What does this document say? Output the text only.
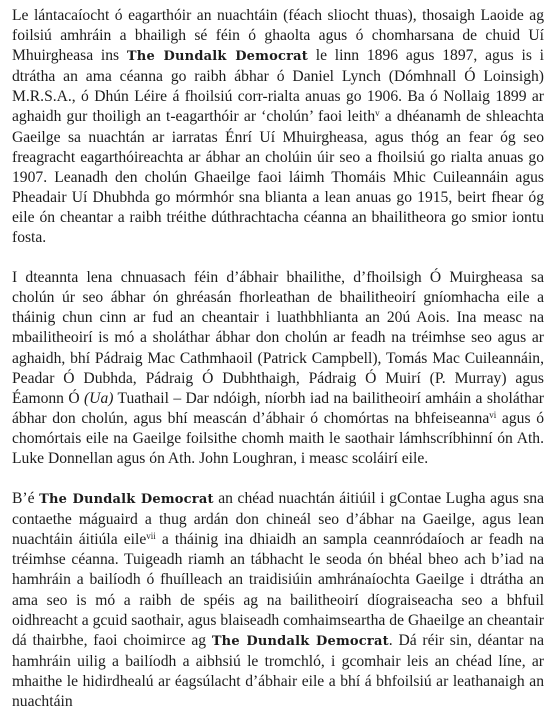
Le lántacaíocht ó eagarthóir an nuachtáin (féach sliocht thuas), thosaigh Laoide ag foilsiú amhráin a bhailigh sé féin ó ghaolta agus ó chomharsana de chuid Uí Mhuirgheasa ins The Dundalk Democrat le linn 1896 agus 1897, agus is i dtrátha an ama céanna go raibh ábhar ó Daniel Lynch (Dómhnall Ó Loinsigh) M.R.S.A., ó Dhún Léire á fhoilsiú corr-rialta anuas go 1906. Ba ó Nollaig 1899 ar aghaidh gur thoiligh an t-eagarthóir ar ‘cholún’ faoi leith$^v$ a dhéanamh de shleachta Gaeilge sa nuachtán ar iarratas Énrí Uí Mhuirgheasa, agus thóg an fear óg seo freagracht eagarthóireachta ar ábhar an cholúin úir seo a fhoilsiú go rialta anuas go 1907. Leanadh den cholún Ghaeilge faoi láimh Thomáis Mhic Cuileannáin agus Pheadair Uí Dhubhda go mórmhór sna blianta a lean anuas go 1915, beirt fhear óg eile ón cheantar a raibh tréithe dúthrachtacha céanna an bhailitheora go smior iontu fosta.

I dteannta lena chnuasach féin d’ábhair bhailithe, d’fhoilsigh Ó Muirgheasa sa cholún úr seo ábhar ón ghréasán fhorleathan de bhailitheoirí gníomhacha eile a tháinig chun cinn ar fud an cheantair i luathbhlianta an 20ú Aois. Ina measc na mbailitheoirí is mó a sholáthar ábhar don cholún ar feadh na tréimhse seo agus ar aghaidh, bhí Pádraig Mac Cathmhaoil (Patrick Campbell), Tomás Mac Cuileannáin, Peadar Ó Dubhda, Pádraig Ó Dubhthaigh, Pádraig Ó Muirí (P. Murray) agus Éamonn Ó (Ua) Tuathail – Dar ndóigh, níorbh iad na bailitheoirí amháin a sholáthar ábhar don cholún, agus bhí meascán d’ábhair ó chomórtas na bhfeiseanna$^{vi}$ agus ó chomórtais eile na Gaeilge foilsithe chomh maith le saothair lámhscríbhinní ón Ath. Luke Donnellan agus ón Ath. John Loughran, i measc scoláirí eile.

B’é The Dundalk Democrat an chéad nuachtán áitiúil i gContae Lugha agus sna contaethe máguaird a thug ardán don chineál seo d’ábhar na Gaeilge, agus lean nuachtáin áitiúla eile$^{vii}$ a tháinig ina dhiaidh an sampla ceannródaíoch ar feadh na tréimhse céanna. Tuigeadh riamh an tábhacht le seoda ón bhéal bheo ach b’iad na hamhráin a bailíodh ó fhuílleach an traidisiúin amhránaíochta Gaeilge i dtrátha an ama seo is mó a raibh de spéis ag na bailitheoirí díograiseacha seo a bhfuil oidhreacht a gcuid saothair, agus blaiseadh comhaimseartha de Ghaeilge an cheantair dá thairbhe, faoi choimirce ag The Dundalk Democrat. Dá réir sin, déantar na hamhráin uilig a bailíodh a aibhsiú le tromchló, i gcomhair leis an chéad líne, ar mhaithe le hidirdhealú ar éagsúlacht d’ábhair eile a bhí á bhfoilsiú ar leathanaigh an nuachtáin
